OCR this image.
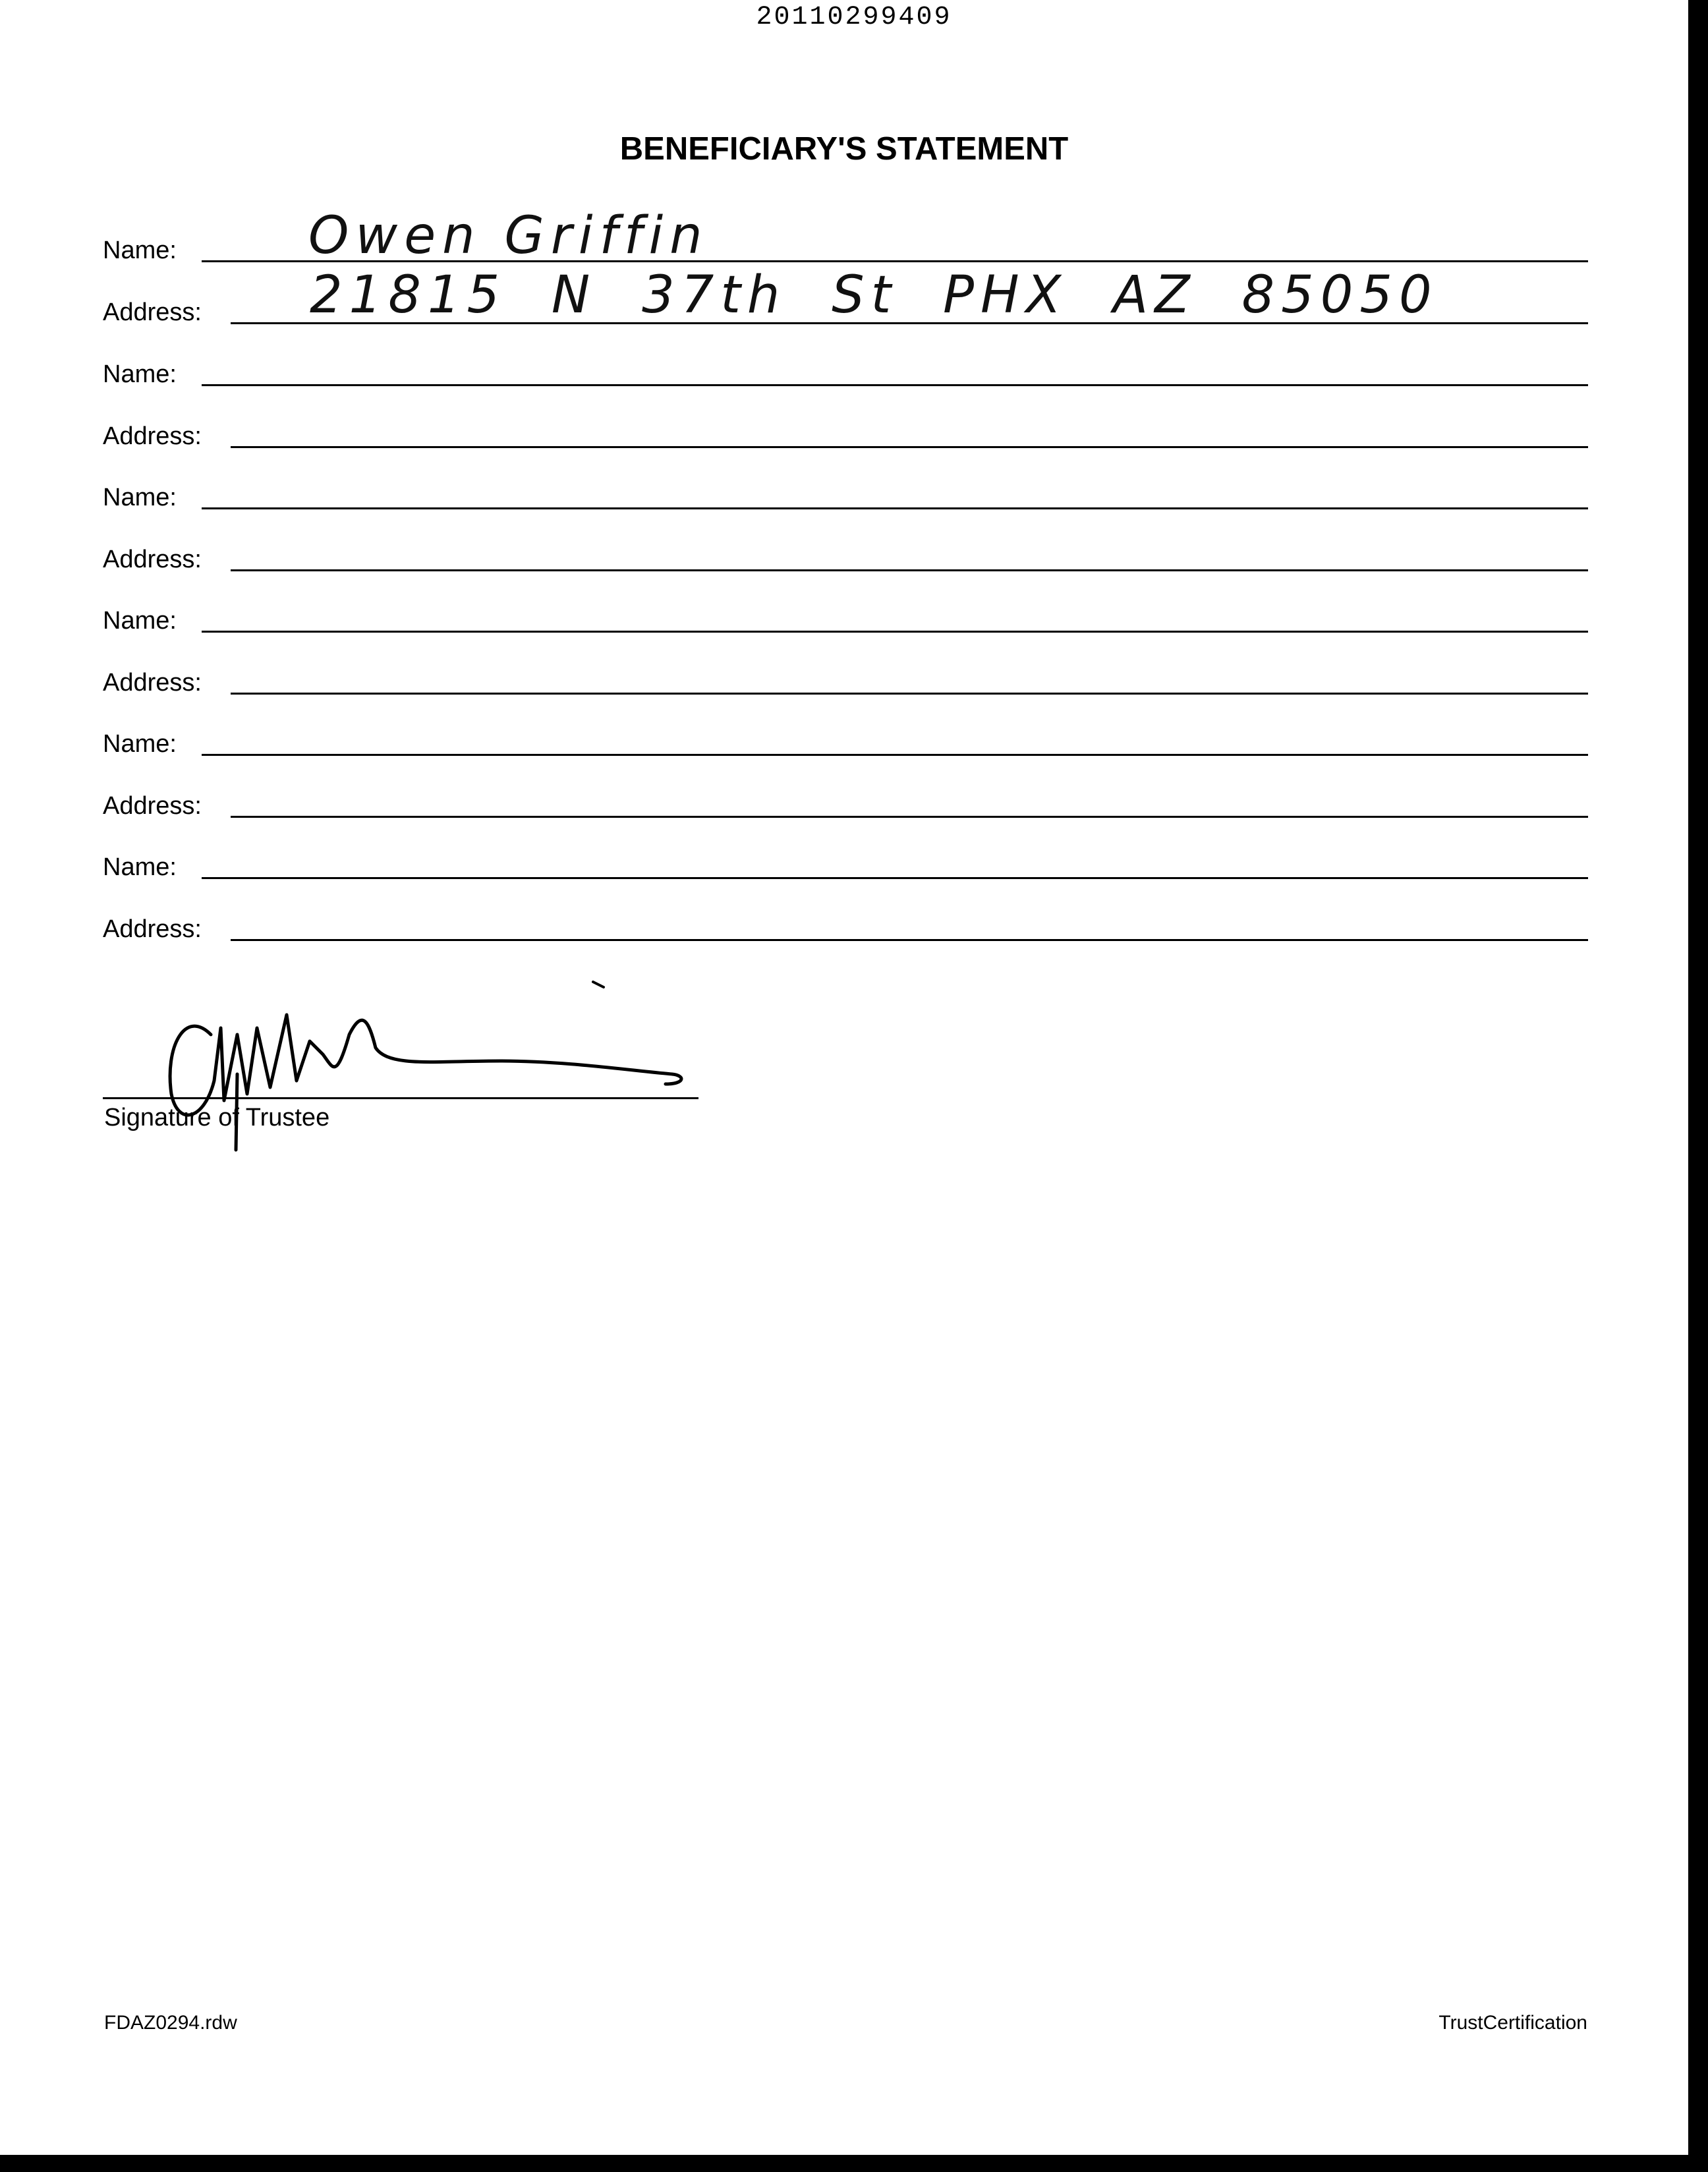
20110299409
BENEFICIARY'S STATEMENT
Name:	Owen Griffin
Address: 21815 N 37th St PHX AZ 85050
Name:
Address:
Name:
Address:
Name:
Address:
Name:
Address:
Name:
Address:
Signature of Trustee
FDAZ0294.rdw	TrustCertification
